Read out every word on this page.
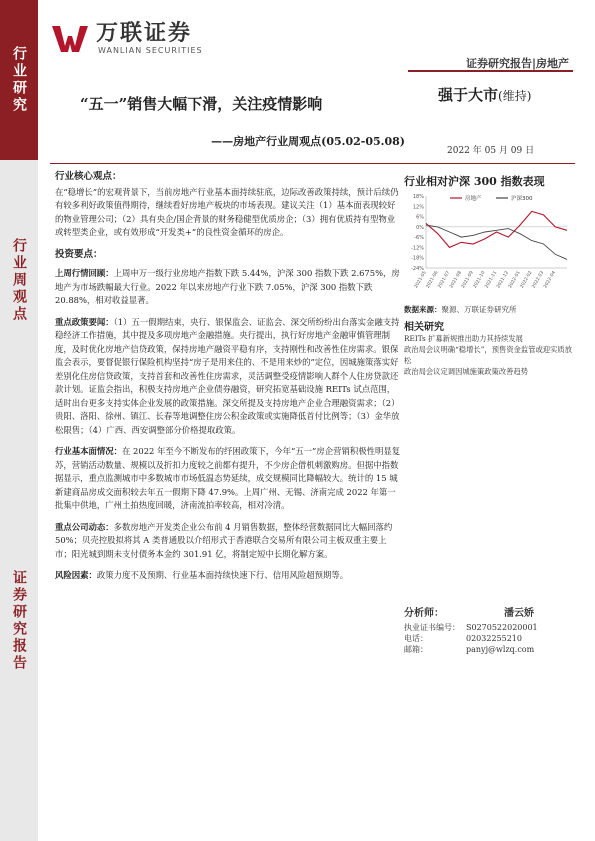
行业研究
行业周观点
证券研究报告
万联证券
WANLIAN SECURITIES
证券研究报告|房地产
强于大市(维持)
“五一”销售大幅下滑，关注疫情影响
——房地产行业周观点(05.02-05.08)
2022 年 05 月 09 日
行业核心观点：
在“稳增长”的宏观背景下，当前房地产行业基本面持续驻底，边际改善政策持续，预计后续仍有较多利好政策值得期待，继续看好房地产板块的市场表现。建议关注（1）基本面表现较好的物业管理公司；（2）具有央企/国企背景的财务稳健型优质房企；（3）拥有优质持有型物业或转型类企业，或有效形成“开发类+”的良性资金循环的房企。
投资要点：
上周行情回顾：上周申万一级行业房地产指数下跌 5.44%，沪深 300 指数下跌 2.675%，房地产为市场跌幅最大行业。2022 年以来房地产行业下跌 7.05%，沪深 300 指数下跌 20.88%，相对收益显著。
重点政策要闻：（1）五一假期结束，央行、银保监会、证监会、深交所纷纷出台落实金融支持稳经济工作措施，其中提及多项房地产金融措施。央行提出，执行好房地产金融审慎管理制度，及时优化房地产信贷政策，保持房地产融资平稳有序，支持刚性和改善性住房需求。银保监会表示，要督促银行保险机构坚持“房子是用来住的、不是用来炒的”定位，因城施策落实好差别化住房信贷政策，支持首套和改善性住房需求，灵活调整受疫情影响人群个人住房贷款还款计划。证监会指出，积极支持房地产企业债券融资，研究拓宽基础设施 REITs 试点范围，适时出台更多支持实体企业发展的政策措施。深交所提及支持房地产企业合理融资需求；（2）贵阳、洛阳、徐州、镇江、长春等地调整住房公积金政策或实施降低首付比例等；（3）金华放松限售；（4）广西、西安调整部分价格提取政策。
行业基本面情况：在 2022 年至今不断发布的纾困政策下，今年“五一”房企营销积极性明显复苏，营销活动数量、规模以及折扣力度较之前都有提升，不少房企借机刺激购房。但据中指数据显示，重点监测城市中多数城市市场低温态势延续，成交规模同比降幅较大。统计的 15 城新建商品房成交面积较去年五一假期下降 47.9%。上周广州、无锡、济南完成 2022 年第一批集中供地，广州土拍热度回暖，济南流拍率较高，相对冷清。
重点公司动态：多数房地产开发类企业公布前 4 月销售数据，整体经营数据同比大幅回落约 50%；贝壳控股拟将其 A 类普通股以介绍形式于香港联合交易所有限公司主板双重主要上市；阳光城到期未支付债务本金约 301.91 亿，将制定短中长期化解方案。
风险因素：政策力度不及预期、行业基本面持续快速下行、信用风险超预期等。
行业相对沪深 300 指数表现
18%
12%
6%
0%
-6%
-12%
-18%
-24%
2021-05
2021-06
2021-07
2021-08
2021-09
2021-10
2021-11
2021-12
2022-01
2022-02
2022-03
2022-04
房地产	沪深300
数据来源：聚源、万联证券研究所
相关研究
REITs 扩募新规推出助力其持续发展
政治局会议明确“稳增长”，预售资金监管或迎实质放松
政治局会议定调因城施策政策改善趋势
分析师：	潘云娇
执业证书编号： S0270522020001
电话：	02032255210
邮箱：	panyj@wlzq.com
